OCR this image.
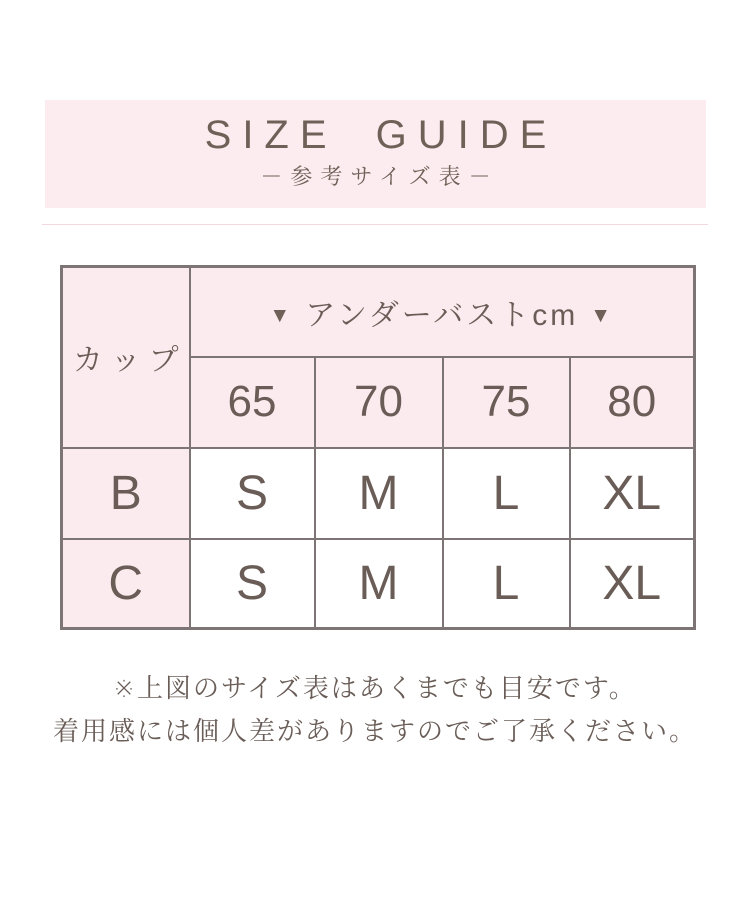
SIZE GUIDE
－参考サイズ表－
カップ	▼ アンダーバストcm ▼			
	65	70	75	80
B	S	M	L	XL
C	S	M	L	XL
※上図のサイズ表はあくまでも目安です。
着用感には個人差がありますのでご了承ください。
